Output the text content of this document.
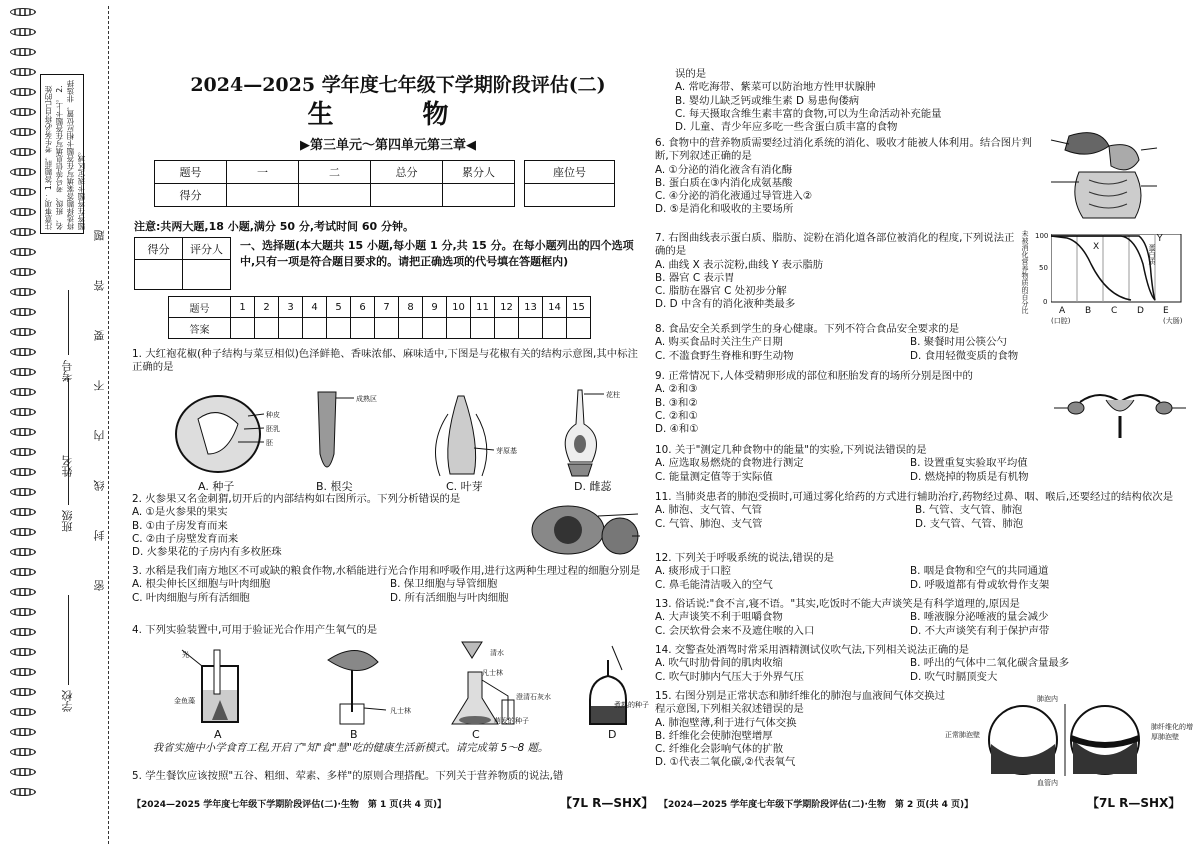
注意事项： 1.答题前，考生务必将自己的姓名、班级、考号等信息填写在答题卡上。 2.将选择题答案填写在答题卡相应位置，非选择题答在答题卡规定区域。
学校
班级
姓名
考号
题
答
要
不
内
线
封
密
2024—2025 学年度七年级下学期阶段评估(二)
生 物
▶第三单元～第四单元第三章◀
题号	一	二	总分	累分人
得分				
座位号

注意:共两大题,18 小题,满分 50 分,考试时间 60 分钟。
得分	评分人
	一、选择题(本大题共 15 小题,每小题 1 分,共 15 分。在每小题列出的四个选项中,只有一项是符合题目要求的。请把正确选项的代号填在答题框内)
题号	1	2	3	4	5	6	7	8	9	10	11	12	13	14	15
答案															
1. 大红袍花椒(种子结构与菜豆相似)色泽鲜艳、香味浓郁、麻味适中,下图是与花椒有关的结构示意图,其中标注正确的是
种皮
胚乳
胚
成熟区
芽原基
花柱
A. 种子	B. 根尖	C. 叶芽	D. 雌蕊
2. 火参果又名金刺猬,切开后的内部结构如右图所示。下列分析错误的是
A. ①是火参果的果实
B. ①由子房发育而来
C. ②由子房壁发育而来
D. 火参果花的子房内有多枚胚珠
3. 水稻是我们南方地区不可或缺的粮食作物,水稻能进行光合作用和呼吸作用,进行这两种生理过程的细胞分别是
A. 根尖伸长区细胞与叶肉细胞	B. 保卫细胞与导管细胞
C. 叶肉细胞与所有活细胞	D. 所有活细胞与叶肉细胞
4. 下列实验装置中,可用于验证光合作用产生氧气的是
光
金鱼藻
凡士林
清水
凡士林
萌发的种子
煮熟的种子
澄清石灰水
A	B	C	D
我省实施中小学食育工程,开启了"知"食"慧"吃的健康生活新模式。请完成第 5～8 题。
5. 学生餐饮应该按照"五谷、粗细、荤素、多样"的原则合理搭配。下列关于营养物质的说法,错
【2024—2025 学年度七年级下学期阶段评估(二)·生物　第 1 页(共 4 页)】	【7L R—SHX】
误的是
A. 常吃海带、紫菜可以防治地方性甲状腺肿
B. 婴幼儿缺乏钙或维生素 D 易患佝偻病
C. 每天摄取含维生素丰富的食物,可以为生命活动补充能量
D. 儿童、青少年应多吃一些含蛋白质丰富的食物
6. 食物中的营养物质需要经过消化系统的消化、吸收才能被人体利用。结合图片判断,下列叙述正确的是
A. ①分泌的消化液含有消化酶
B. 蛋白质在③内消化成氨基酸
C. ④分泌的消化液通过导管进入②
D. ⑤是消化和吸收的主要场所
7. 右图曲线表示蛋白质、脂肪、淀粉在消化道各部位被消化的程度,下列说法正确的是
A. 曲线 X 表示淀粉,曲线 Y 表示脂肪
B. 器官 C 表示胃
C. 脂肪在器官 C 处初步分解
D. D 中含有的消化液种类最多	未被消化营养物质的百分比 100
50
0
X
Y
蛋白质
A B C D E
(口腔)	(大肠)
8. 食品安全关系到学生的身心健康。下列不符合食品安全要求的是
A. 购买食品时关注生产日期	B. 聚餐时用公筷公勺
C. 不滥食野生脊椎和野生动物	D. 食用轻微变质的食物
9. 正常情况下,人体受精卵形成的部位和胚胎发育的场所分别是图中的
A. ②和③
B. ③和②
C. ②和①
D. ④和①
10. 关于"测定几种食物中的能量"的实验,下列说法错误的是
A. 应选取易燃烧的食物进行测定	B. 设置重复实验取平均值
C. 能量测定值等于实际值	D. 燃烧掉的物质是有机物
11. 当肺炎患者的肺泡受损时,可通过雾化给药的方式进行辅助治疗,药物经过鼻、咽、喉后,还要经过的结构依次是
A. 肺泡、支气管、气管	B. 气管、支气管、肺泡
C. 气管、肺泡、支气管	D. 支气管、气管、肺泡
12. 下列关于呼吸系统的说法,错误的是
A. 痰形成于口腔	B. 咽是食物和空气的共同通道
C. 鼻毛能清洁吸入的空气	D. 呼吸道都有骨或软骨作支架
13. 俗话说:"食不言,寝不语。"其实,吃饭时不能大声谈笑是有科学道理的,原因是
A. 大声谈笑不利于咀嚼食物	B. 唾液腺分泌唾液的量会减少
C. 会厌软骨会来不及遮住喉的入口	D. 不大声谈笑有利于保护声带
14. 交警查处酒驾时常采用酒精测试仪吹气法,下列相关说法正确的是
A. 吹气时肋骨间的肌肉收缩	B. 呼出的气体中二氧化碳含量最多
C. 吹气时肺内气压大于外界气压	D. 吹气时膈顶变大
15. 右图分别是正常状态和肺纤维化的肺泡与血液间气体交换过程示意图,下列相关叙述错误的是
A. 肺泡壁薄,利于进行气体交换
B. 纤维化会使肺泡壁增厚
C. 纤维化会影响气体的扩散
D. ①代表二氧化碳,②代表氧气
肺泡内
正常肺泡壁
肺纤维化的增厚肺泡壁
血管内
【2024—2025 学年度七年级下学期阶段评估(二)·生物　第 2 页(共 4 页)】	【7L R—SHX】
